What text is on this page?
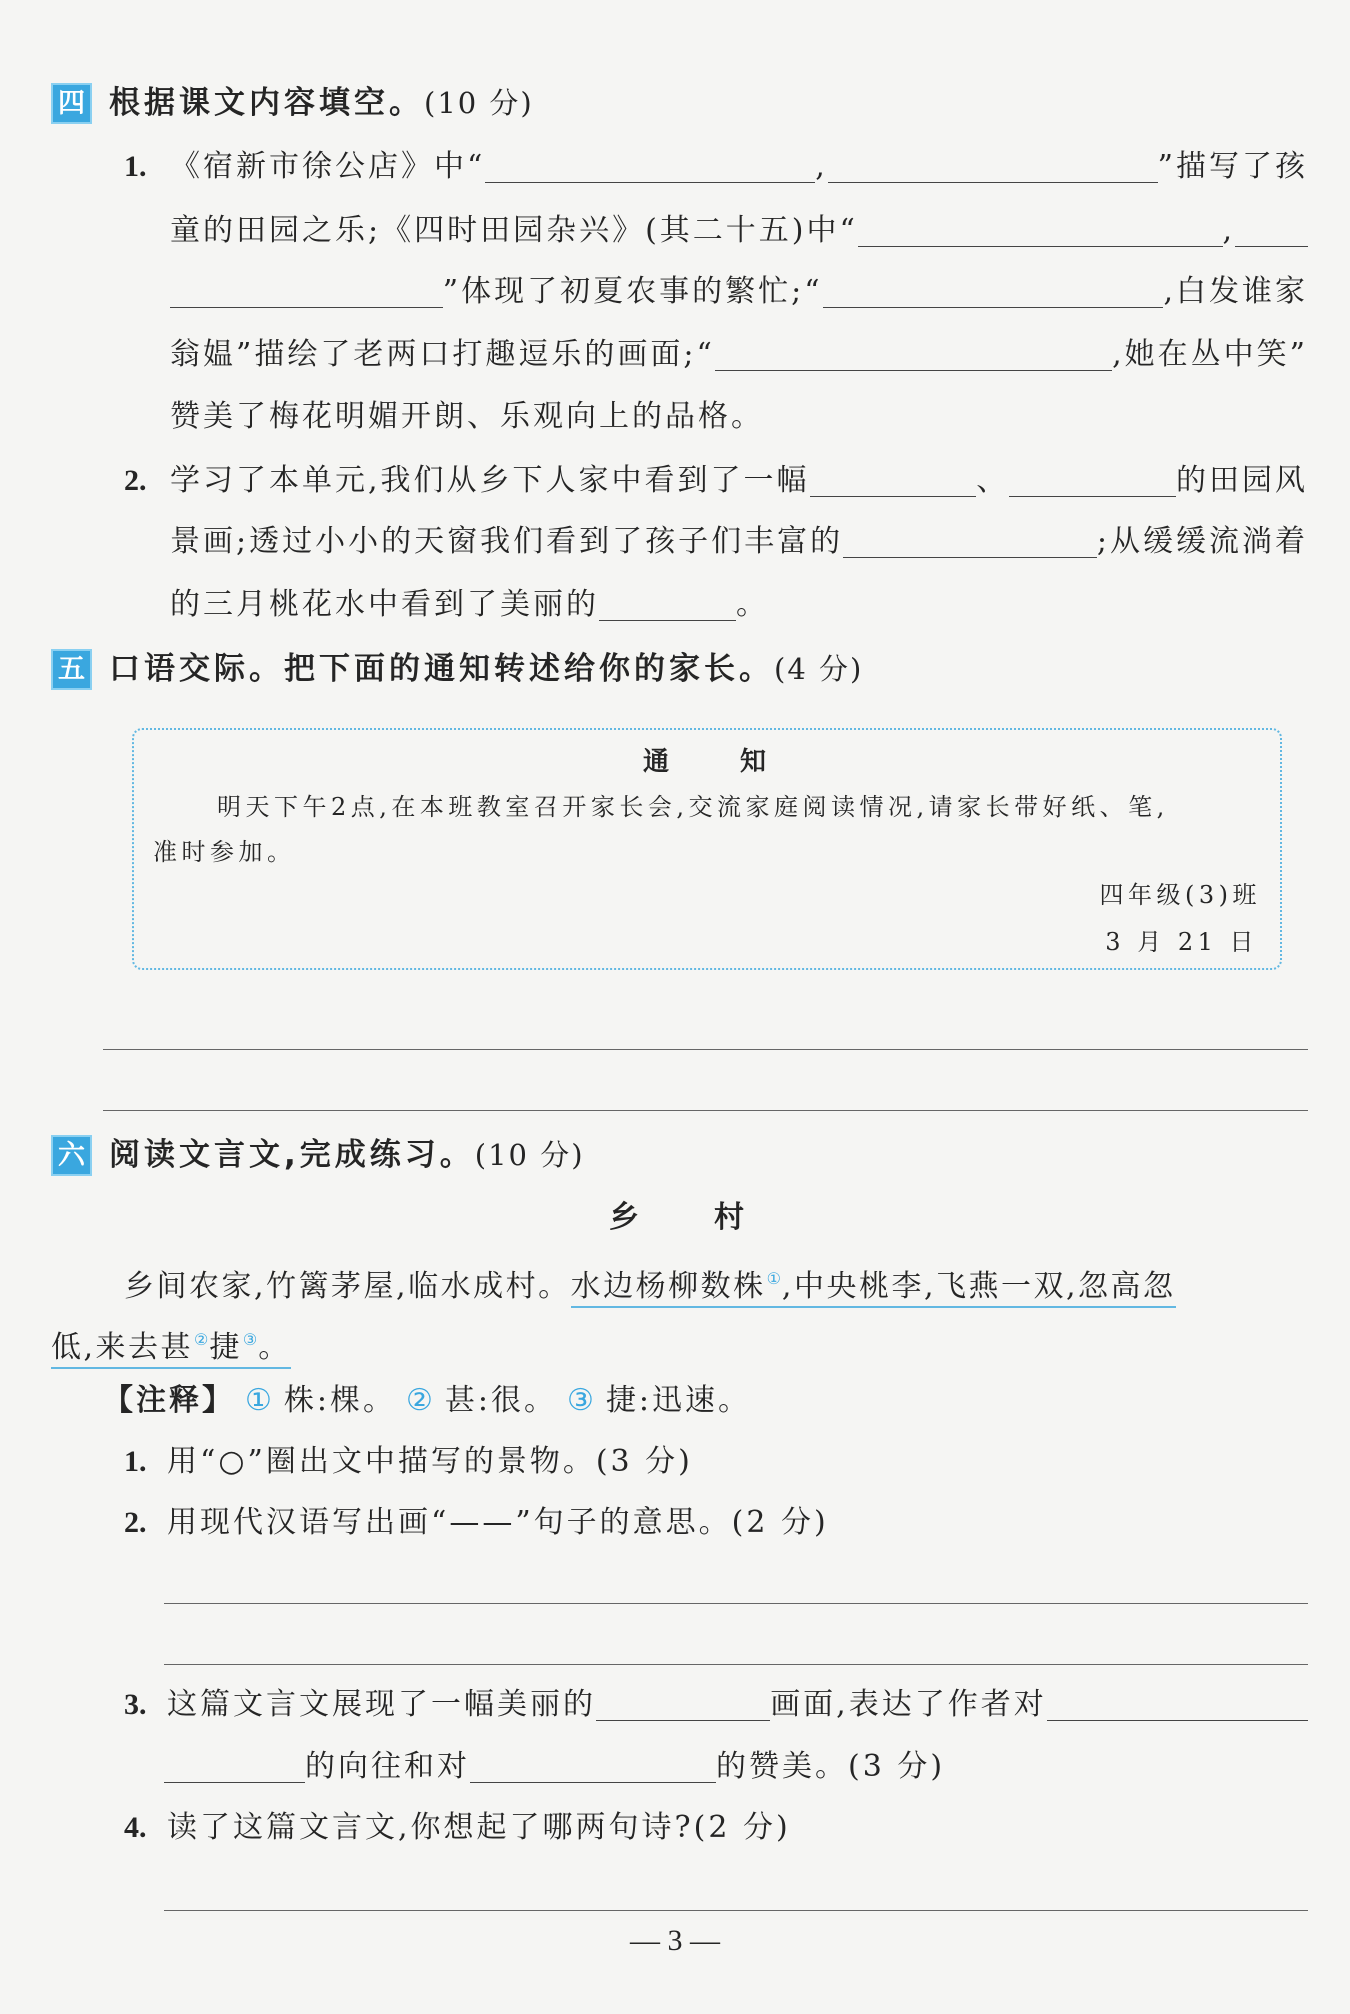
四 根据课文内容填空。(10 分)
1. 《宿新市徐公店》中“	,	”描写了孩
童的田园之乐;《四时田园杂兴》(其二十五)中“	,
”体现了初夏农事的繁忙;“	,白发谁家
翁媪”描绘了老两口打趣逗乐的画面;“	,她在丛中笑”
赞美了梅花明媚开朗、乐观向上的品格。
2. 学习了本单元,我们从乡下人家中看到了一幅	、	的田园风
景画;透过小小的天窗我们看到了孩子们丰富的	;从缓缓流淌着
的三月桃花水中看到了美丽的	。
五 口语交际。把下面的通知转述给你的家长。(4 分)
通知
明天下午2点,在本班教室召开家长会,交流家庭阅读情况,请家长带好纸、笔,
准时参加。
四年级(3)班
3 月 21 日
六 阅读文言文,完成练习。(10 分)
乡村
乡间农家,竹篱茅屋,临水成村。水边杨柳数株①,中央桃李,飞燕一双,忽高忽
低,来去甚②捷③。
【注释】 ① 株:棵。 ② 甚:很。 ③ 捷:迅速。
1. 用“○”圈出文中描写的景物。(3 分)
2. 用现代汉语写出画“——”句子的意思。(2 分)
3. 这篇文言文展现了一幅美丽的	画面,表达了作者对
的向往和对	的赞美。(3 分)
4. 读了这篇文言文,你想起了哪两句诗?(2 分)
— 3 —
